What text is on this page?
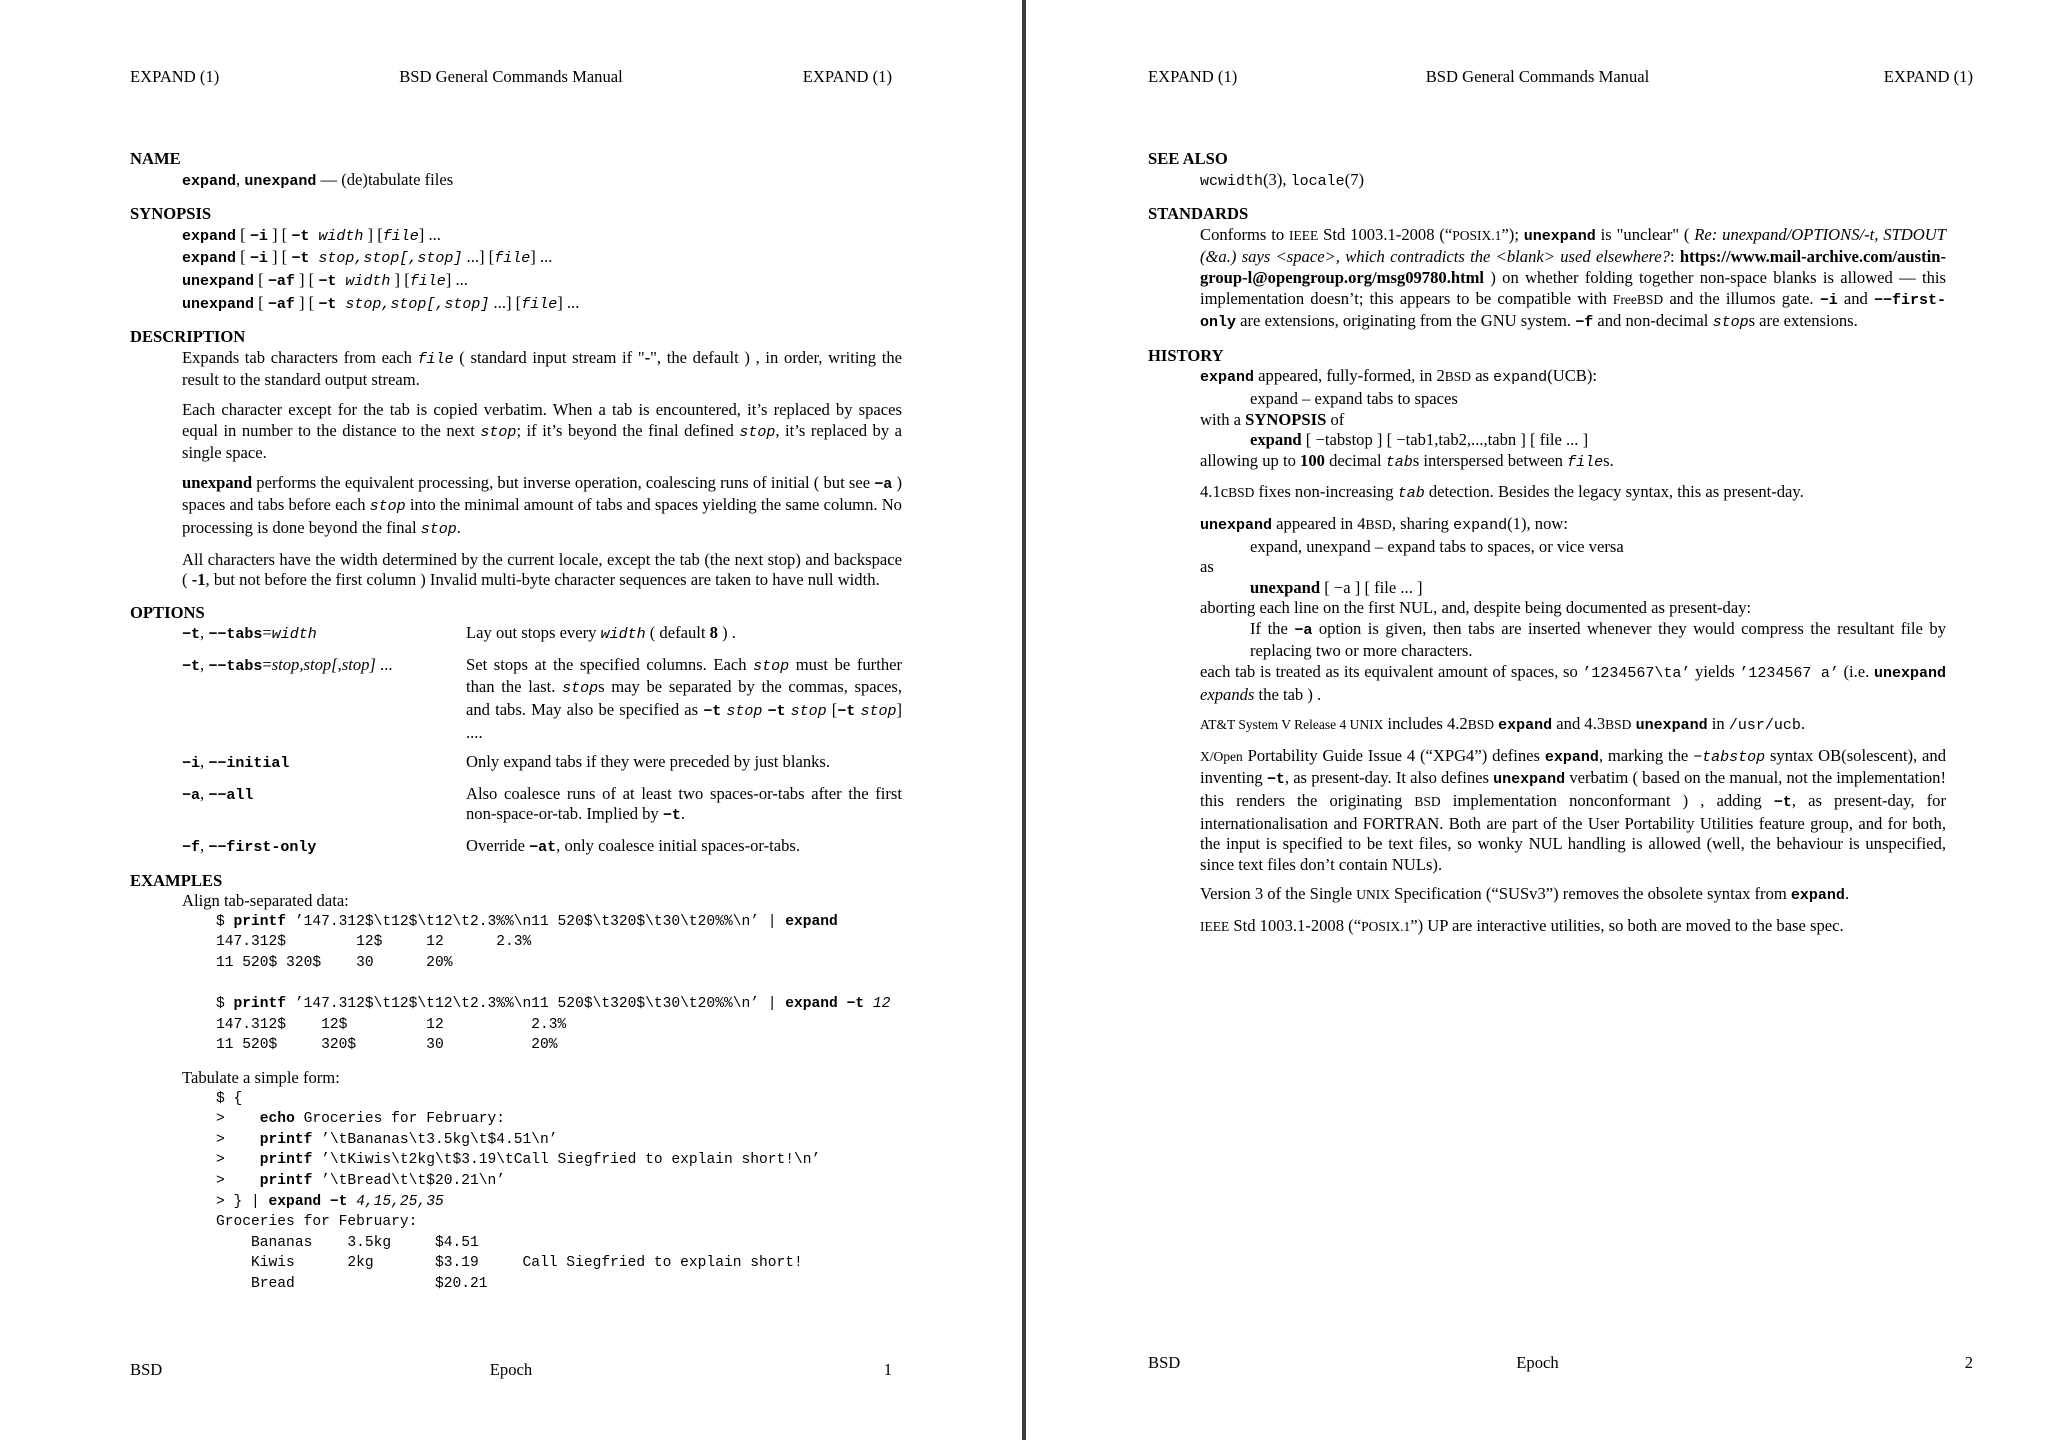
EXPAND (1)	BSD General Commands Manual	EXPAND (1)
NAME
expand, unexpand — (de)tabulate files
SYNOPSIS
expand [ −i ] [ −t width ] [file] ...
expand [ −i ] [ −t stop,stop[,stop] ...] [file] ...
unexpand [ −af ] [ −t width ] [file] ...
unexpand [ −af ] [ −t stop,stop[,stop] ...] [file] ...
DESCRIPTION

Expands tab characters from each file ( standard input stream if "-", the default ) , in order, writing the result to the standard output stream.

Each character except for the tab is copied verbatim. When a tab is encountered, it’s replaced by spaces equal in number to the distance to the next stop; if it’s beyond the final defined stop, it’s replaced by a single space.

unexpand performs the equivalent processing, but inverse operation, coalescing runs of initial ( but see −a ) spaces and tabs before each stop into the minimal amount of tabs and spaces yielding the same column. No processing is done beyond the final stop.

All characters have the width determined by the current locale, except the tab (the next stop) and backspace ( -1, but not before the first column ) Invalid multi-byte character sequences are taken to have null width.

OPTIONS
−t, −−tabs=width	Lay out stops every width ( default 8 ) .
−t, −−tabs=stop,stop[,stop] ...	Set stops at the specified columns. Each stop must be further than the last. stops may be separated by the commas, spaces, and tabs. May also be specified as −t stop −t stop [−t stop] ....
−i, −−initial	Only expand tabs if they were preceded by just blanks.
−a, −−all	Also coalesce runs of at least two spaces-or-tabs after the first non-space-or-tab. Implied by −t.
−f, −−first-only	Override −at, only coalesce initial spaces-or-tabs.
EXAMPLES
Align tab-separated data:
$ printf ’147.312$\t12$\t12\t2.3%%\n11 520$\t320$\t30\t20%%\n’ | expand
147.312$        12$     12      2.3%
11 520$ 320$    30      20%

$ printf ’147.312$\t12$\t12\t2.3%%\n11 520$\t320$\t30\t20%%\n’ | expand −t 12
147.312$    12$         12          2.3%
11 520$     320$        30          20%
Tabulate a simple form:
$ {
>    echo Groceries for February:
>    printf ’\tBananas\t3.5kg\t$4.51\n’
>    printf ’\tKiwis\t2kg\t$3.19\tCall Siegfried to explain short!\n’
>    printf ’\tBread\t\t$20.21\n’
> } | expand −t 4,15,25,35
Groceries for February:
Bananas    3.5kg     $4.51
Kiwis      2kg       $3.19     Call Siegfried to explain short!
Bread                $20.21
BSD	Epoch	1
EXPAND (1)	BSD General Commands Manual	EXPAND (1)
SEE ALSO
wcwidth(3), locale(7)
STANDARDS

Conforms to IEEE Std 1003.1-2008 (“POSIX.1”); unexpand is "unclear" ( Re: unexpand/OPTIONS/-t, STDOUT (&a.) says <space>, which contradicts the <blank> used elsewhere?: https://www.mail-archive.com/austin-group-l@opengroup.org/msg09780.html ) on whether folding together non-space blanks is allowed — this implementation doesn’t; this appears to be compatible with FreeBSD and the illumos gate. −i and −−first-only are extensions, originating from the GNU system. −f and non-decimal stops are extensions.

HISTORY
expand appeared, fully-formed, in 2BSD as expand(UCB):
expand – expand tabs to spaces
with a SYNOPSIS of
expand [ −tabstop ] [ −tab1,tab2,...,tabn ] [ file ... ]
allowing up to 100 decimal tabs interspersed between files.

4.1cBSD fixes non-increasing tab detection. Besides the legacy syntax, this as present-day.

unexpand appeared in 4BSD, sharing expand(1), now:
expand, unexpand – expand tabs to spaces, or vice versa
as
unexpand [ −a ] [ file ... ]
aborting each line on the first NUL, and, despite being documented as present-day:
If the −a option is given, then tabs are inserted whenever they would compress the resultant file by replacing two or more characters.
each tab is treated as its equivalent amount of spaces, so ’1234567\ta’ yields ’1234567 a’ (i.e. unexpand expands the tab ) .

AT&T System V Release 4 UNIX includes 4.2BSD expand and 4.3BSD unexpand in /usr/ucb.

X/Open Portability Guide Issue 4 (“XPG4”) defines expand, marking the −tabstop syntax OB(solescent), and inventing −t, as present-day. It also defines unexpand verbatim ( based on the manual, not the implementation! this renders the originating BSD implementation nonconformant ) , adding −t, as present-day, for internationalisation and FORTRAN. Both are part of the User Portability Utilities feature group, and for both, the input is specified to be text files, so wonky NUL handling is allowed (well, the behaviour is unspecified, since text files don’t contain NULs).

Version 3 of the Single UNIX Specification (“SUSv3”) removes the obsolete syntax from expand.

IEEE Std 1003.1-2008 (“POSIX.1”) UP are interactive utilities, so both are moved to the base spec.

BSD	Epoch	2
